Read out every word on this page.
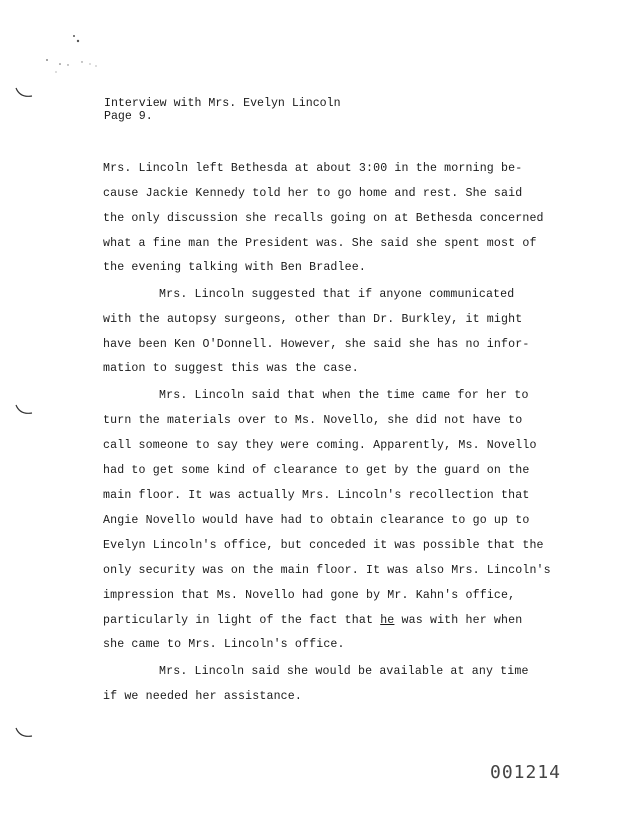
Interview with Mrs. Evelyn Lincoln
Page 9.
Mrs. Lincoln left Bethesda at about 3:00 in the morning be-
cause Jackie Kennedy told her to go home and rest. She said
the only discussion she recalls going on at Bethesda concerned
what a fine man the President was. She said she spent most of
the evening talking with Ben Bradlee.
Mrs. Lincoln suggested that if anyone communicated
with the autopsy surgeons, other than Dr. Burkley, it might
have been Ken O'Donnell. However, she said she has no infor-
mation to suggest this was the case.
Mrs. Lincoln said that when the time came for her to
turn the materials over to Ms. Novello, she did not have to
call someone to say they were coming. Apparently, Ms. Novello
had to get some kind of clearance to get by the guard on the
main floor. It was actually Mrs. Lincoln's recollection that
Angie Novello would have had to obtain clearance to go up to
Evelyn Lincoln's office, but conceded it was possible that the
only security was on the main floor. It was also Mrs. Lincoln's
impression that Ms. Novello had gone by Mr. Kahn's office,
particularly in light of the fact that he was with her when
she came to Mrs. Lincoln's office.
Mrs. Lincoln said she would be available at any time
if we needed her assistance.
001214
